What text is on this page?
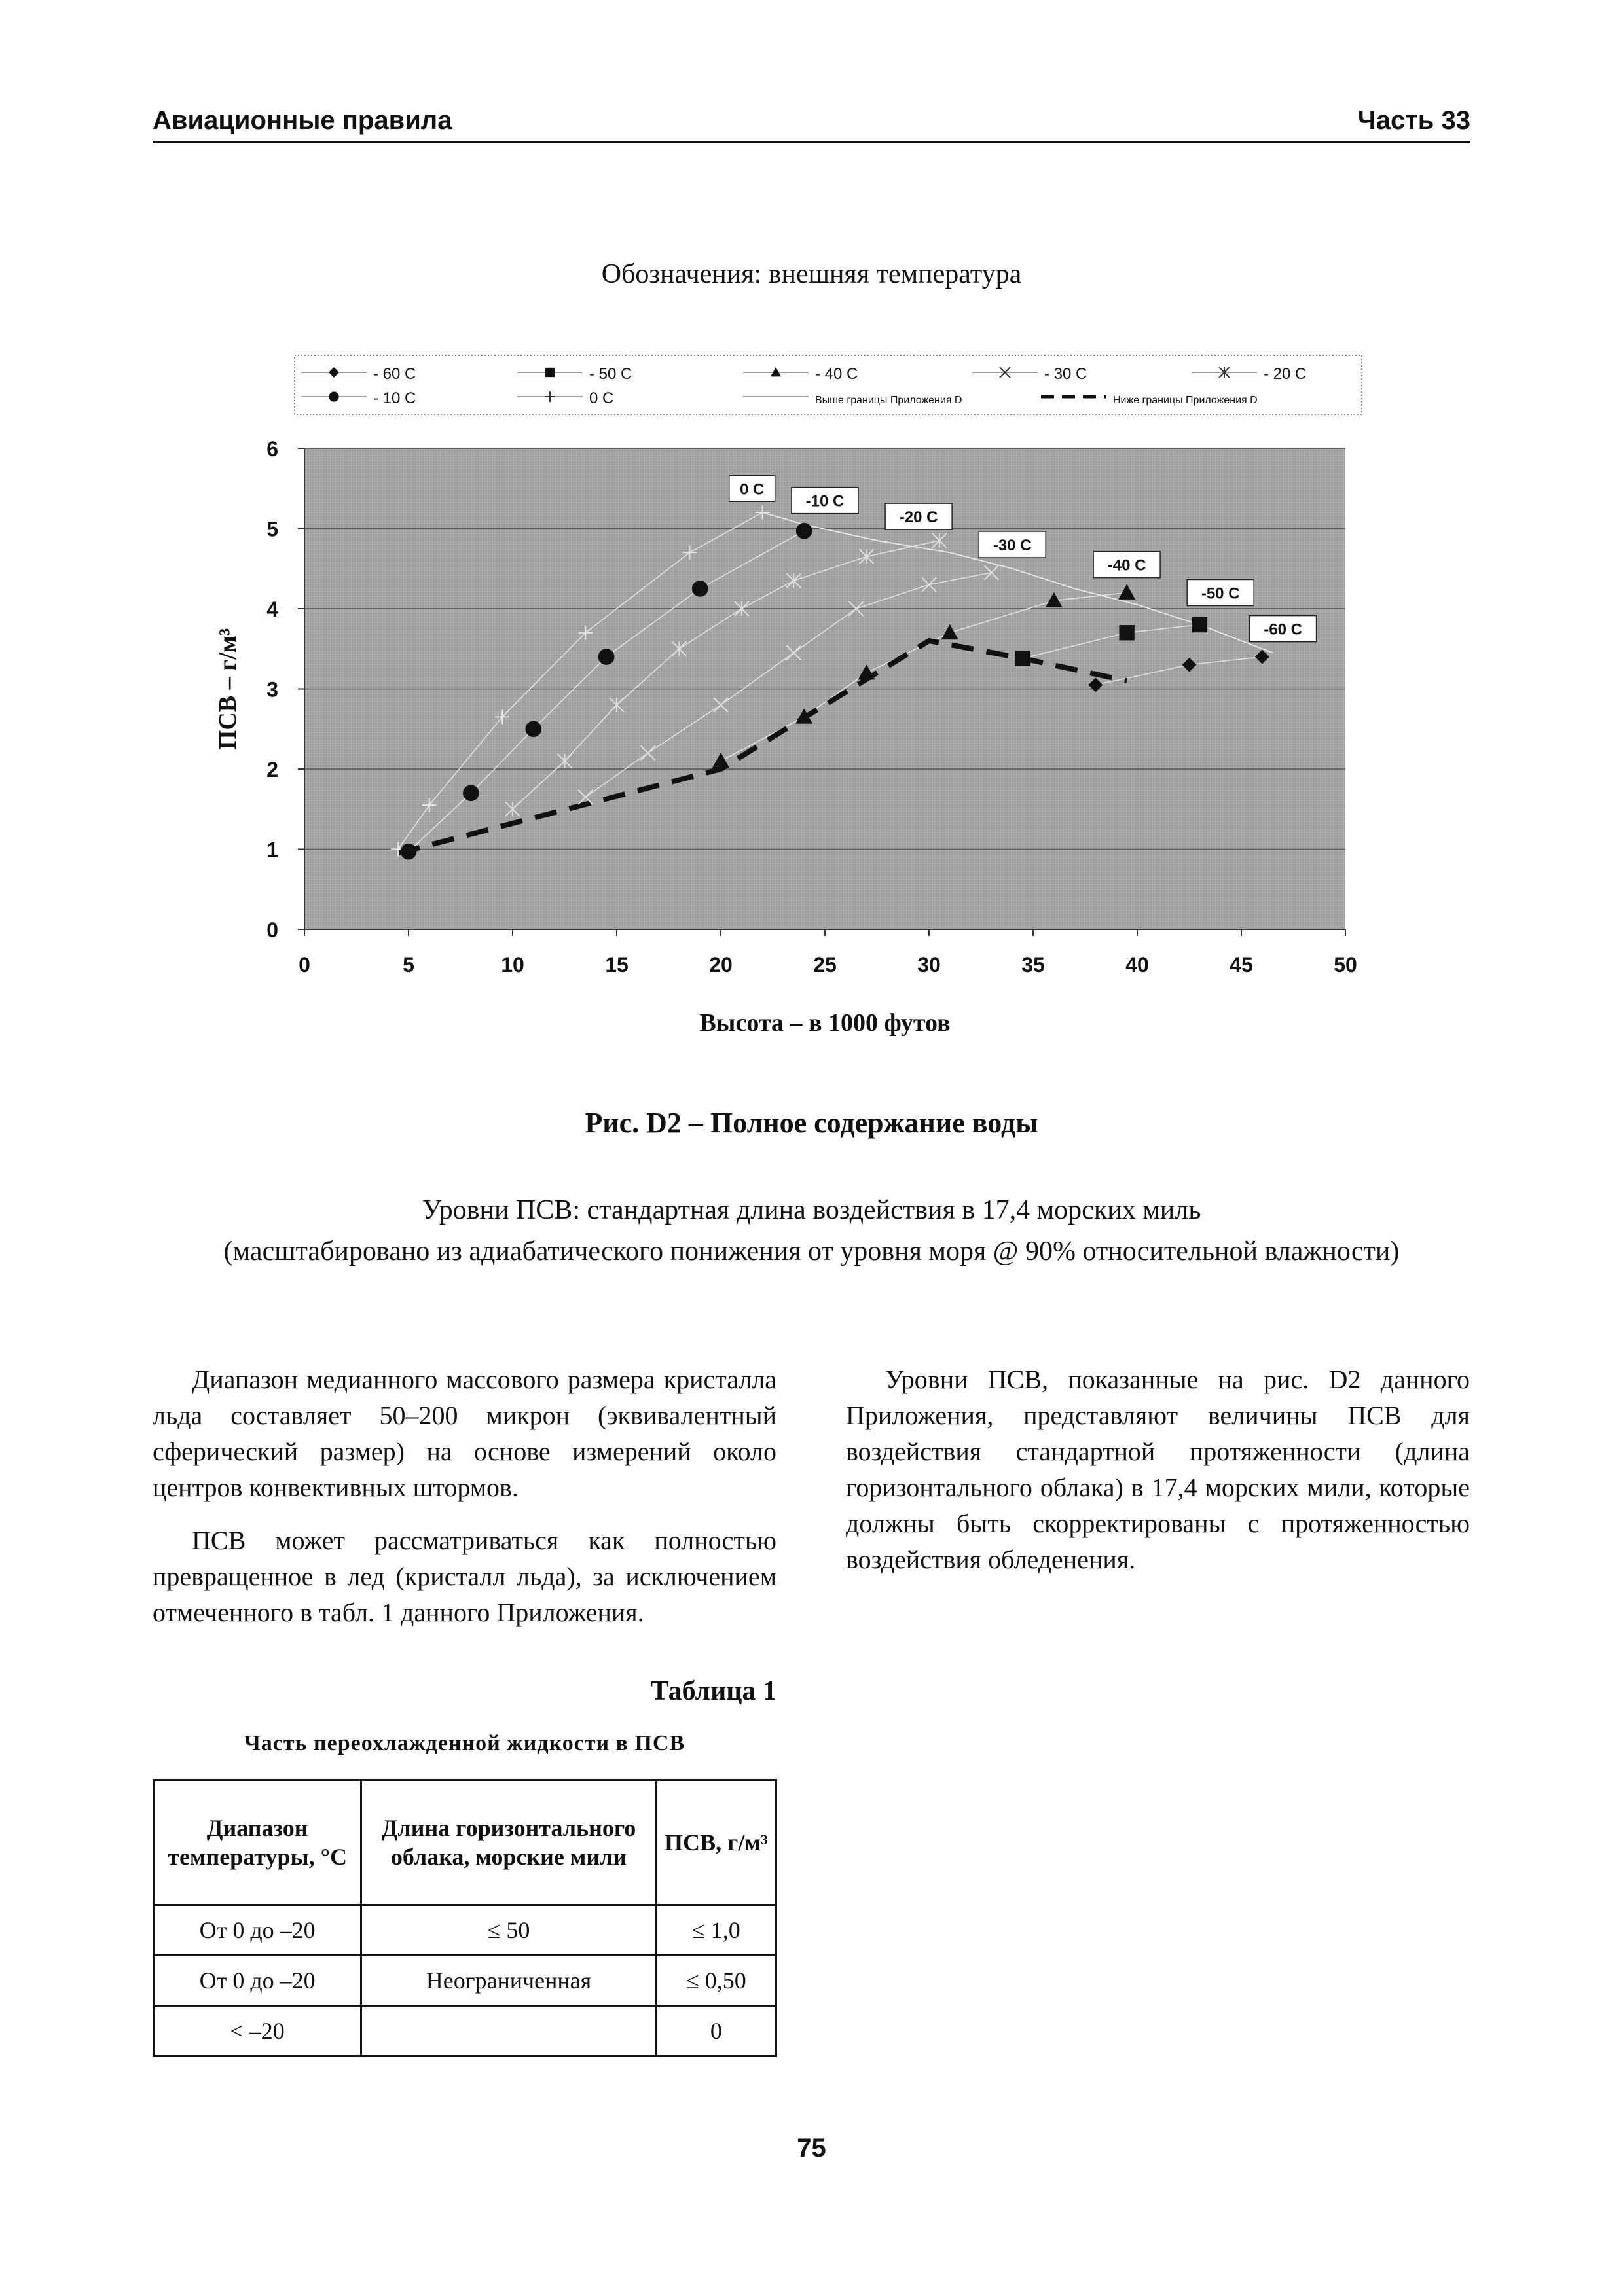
Авиационные правила	Часть 33
Обозначения: внешняя температура
- 60 C	- 50 C	- 40 C	- 30 C	- 20 C
- 10 C	0 C	Выше границы Приложения D	Ниже границы Приложения D
0	5	10	15	20	25	30	35	40	45	50
0
1
2
3
4
5
6
0 C
-10 C
-20 C
-30 C
-40 C
-50 C
-60 C
Высота – в 1000 футов
ПСВ – г/м³
Рис. D2 – Полное содержание воды
Уровни ПСВ: стандартная длина воздействия в 17,4 морских миль
(масштабировано из адиабатического понижения от уровня моря @ 90% относительной влажности)

Диапазон медианного массового размера кристалла льда составляет 50–200 микрон (эквивалентный сферический размер) на основе измерений около центров конвективных штормов.

ПСВ может рассматриваться как полностью превращенное в лед (кристалл льда), за исключением отмеченного в табл. 1 данного Приложения.

Уровни ПСВ, показанные на рис. D2 данного Приложения, представляют величины ПСВ для воздействия стандартной протяженности (длина горизонтального облака) в 17,4 морских мили, которые должны быть скорректированы с протяженностью воздействия обледенения.

Таблица 1
Часть переохлажденной жидкости в ПСВ
Диапазон температуры, °С	Длина горизонтального облака, морские мили	ПСВ, г/м³
От 0 до –20	≤ 50	≤ 1,0
От 0 до –20	Неограниченная	≤ 0,50
< –20		0
75
